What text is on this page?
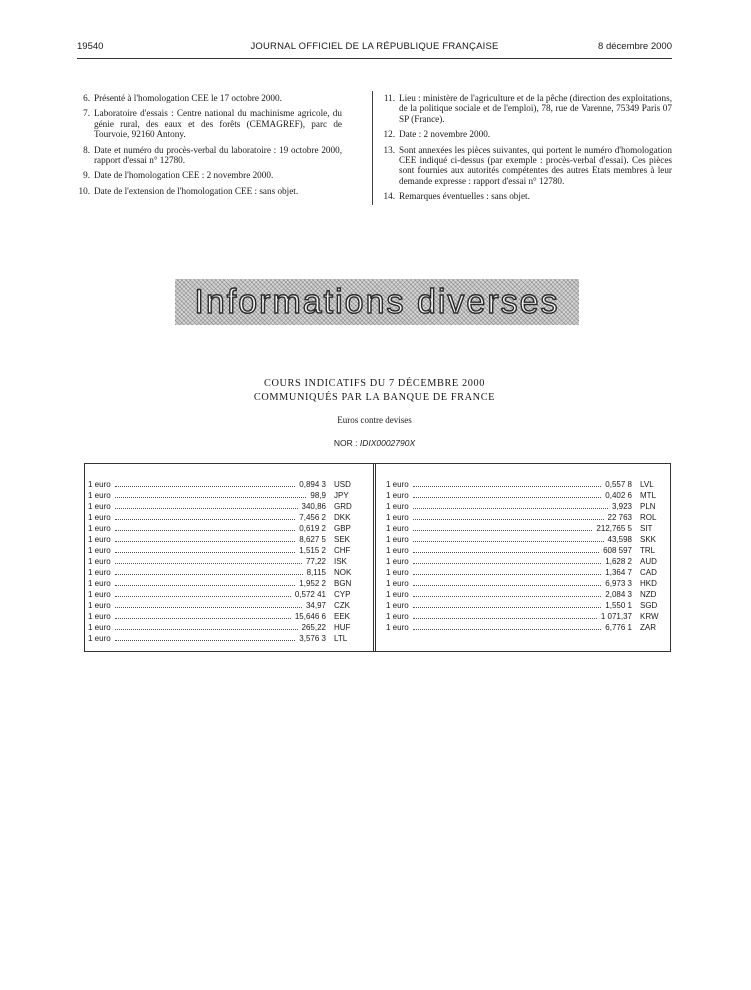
19540	JOURNAL OFFICIEL DE LA RÉPUBLIQUE FRANÇAISE	8 décembre 2000
6. Présenté à l'homologation CEE le 17 octobre 2000.
7. Laboratoire d'essais : Centre national du machinisme agricole, du génie rural, des eaux et des forêts (CEMAGREF), parc de Tourvoie, 92160 Antony.
8. Date et numéro du procès-verbal du laboratoire : 19 octobre 2000, rapport d'essai n° 12780.
9. Date de l'homologation CEE : 2 novembre 2000.
10. Date de l'extension de l'homologation CEE : sans objet.
11. Lieu : ministère de l'agriculture et de la pêche (direction des exploitations, de la politique sociale et de l'emploi), 78, rue de Varenne, 75349 Paris 07 SP (France).
12. Date : 2 novembre 2000.
13. Sont annexées les pièces suivantes, qui portent le numéro d'homologation CEE indiqué ci-dessus (par exemple : procès-verbal d'essai). Ces pièces sont fournies aux autorités compétentes des autres Etats membres à leur demande expresse : rapport d'essai n° 12780.
14. Remarques éventuelles : sans objet.
Informations diverses
COURS INDICATIFS DU 7 DÉCEMBRE 2000
COMMUNIQUÉS PAR LA BANQUE DE FRANCE
Euros contre devises
NOR : IDIX0002790X
1 euro	0,894 3	USD
1 euro	98,9	JPY
1 euro	340,86	GRD
1 euro	7,456 2	DKK
1 euro	0,619 2	GBP
1 euro	8,627 5	SEK
1 euro	1,515 2	CHF
1 euro	77,22	ISK
1 euro	8,115	NOK
1 euro	1,952 2	BGN
1 euro	0,572 41	CYP
1 euro	34,97	CZK
1 euro	15,646 6	EEK
1 euro	265,22	HUF
1 euro	3,576 3	LTL
1 euro	0,557 8	LVL
1 euro	0,402 6	MTL
1 euro	3,923	PLN
1 euro	22 763	ROL
1 euro	212,765 5	SIT
1 euro	43,598	SKK
1 euro	608 597	TRL
1 euro	1,628 2	AUD
1 euro	1,364 7	CAD
1 euro	6,973 3	HKD
1 euro	2,084 3	NZD
1 euro	1,550 1	SGD
1 euro	1 071,37	KRW
1 euro	6,776 1	ZAR
